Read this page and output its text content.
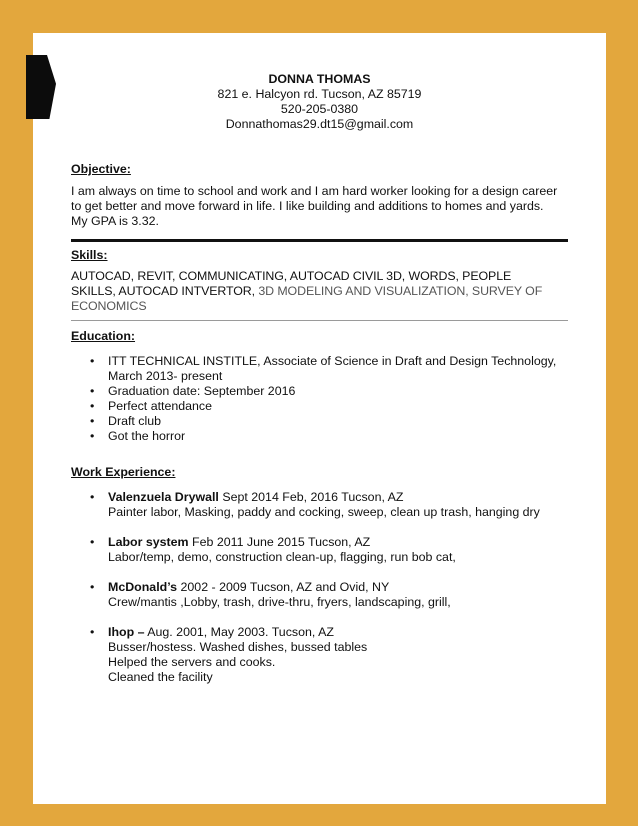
DONNA THOMAS

821 e. Halcyon rd. Tucson, AZ 85719

520-205-0380

Donnathomas29.dt15@gmail.com

Objective:

I am always on time to school and work and I am hard worker looking for a design career

to get better and move forward in life. I like building and additions to homes and yards.

My GPA is 3.32.

Skills:

AUTOCAD, REVIT, COMMUNICATING, AUTOCAD CIVIL 3D, WORDS, PEOPLE

SKILLS, AUTOCAD INTVERTOR, 3D MODELING AND VISUALIZATION, SURVEY OF

ECONOMICS

Education:

• ITT TECHNICAL INSTITLE, Associate of Science in Draft and Design Technology,
March 2013- present
• Graduation date: September 2016
• Perfect attendance
• Draft club
• Got the horror

Work Experience:

• Valenzuela Drywall Sept 2014 Feb, 2016 Tucson, AZ
Painter labor, Masking, paddy and cocking, sweep, clean up trash, hanging dry
• Labor system Feb 2011 June 2015 Tucson, AZ
Labor/temp, demo, construction clean-up, flagging, run bob cat,
• McDonald’s 2002 - 2009 Tucson, AZ and Ovid, NY
Crew/mantis ,Lobby, trash, drive-thru, fryers, landscaping, grill,
• Ihop – Aug. 2001, May 2003. Tucson, AZ
Busser/hostess. Washed dishes, bussed tables
Helped the servers and cooks.
Cleaned the facility
